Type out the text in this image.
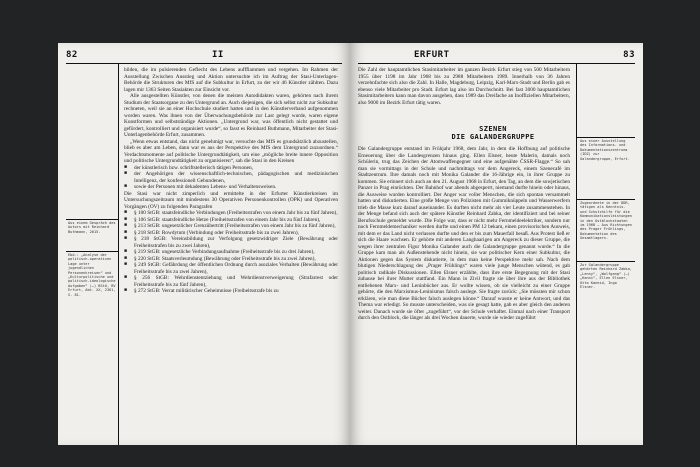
82	II
Aus einem Gespräch des Autors mit Reinhard Buthmann, 2015.
Ebd.: „Analyse der politisch-operativen Lage unter jugendlichen Personenkreisen“ und „Kulturpolitische und politisch-ideologische Aufgaben“ (…) BStU, BV Erfurt, Abt. XX, 2361, S. 81.

bilden, die im pulsierenden Geflecht des Lebens auffflammen und vergehen. Im Rahmen der Ausstellung Zwischen Ausstieg und Aktion untersuchte ich im Auftrag der Stasi-Unterlagen-Behörde die Strukturen des MfS auf die Subkultur in Erfurt, zu der wir 46 Künstler zählten. Dazu lagen mir 1363 Seiten Stasiakten zur Einsicht vor.

Alle ausgestellten Künstler, von denen die meisten Autodidakten waren, gehörten nach ihrem Studium der Staatsorgane zu den Untergrund an. Auch diejenigen, die sich selbst nicht zur Subkultur rechneten, weil sie an einer Hochschule studiert hatten und in den Künstlerverband aufgenommen worden waren. Was ihnen von der Überwachungsbehörde zur Last gelegt wurde, waren eigene Kunstformen und selbstständige Aktionen. „Untergrund war, was öffentlich nicht gestattet und gefördert, kontrolliert und organisiert wurde“, so fasst es Reinhard Buthmann, Mitarbeiter der Stasi-Unterlagenbehörde Erfurt, zusammen.

„Wenn etwas entstand, das nicht genehmigt war, versuchte das MfS es grundsätzlich abzustellen, blieb es aber am Leben, dann war es aus der Perspektive des MfS dem Untergrund zuzuordnen.“ Verdachtsmomente auf politische Untergrundtätigkeit, um eine „mögliche breite innere Opposition und politische Untergrundtätigkeit zu organisieren“, sah die Stasi in den Kreisen

■ der künstlerisch bzw. schriftstellerisch tätigen Personen,
■ der Angehörigen der wissenschaftlich-technischen, pädagogischen und medizinischen Intelligenz, der konfessionell Gebundenen,
■ sowie der Personen mit dekadenten Lebens- und Verhaltensweisen.

Die Stasi war nicht zimperlich und ermittelte in der Erfurter Künstlerkreisen im Untersuchungszeitraum mit mindestens 30 Operativen Personenkontrollen (OPK) und Operativen Vorgängen (OV) zu folgenden Paragrafen

■ § 100 StGB: staatsfeindliche Verbindungen (Freiheitsstrafen von einem Jahr bis zu fünf Jahren),
■ § 106 StGB: staatsfeindliche Hetze (Freiheitsstrafen von einem Jahr bis zu fünf Jahren),
■ § 213 StGB: ungesetzlicher Grenzübertritt (Freiheitsstrafen von einem Jahr bis zu fünf Jahren),
■ § 218 StGB: Rowdytum (Verbindung oder Freiheitsstrafe bis zu zwei Jahren),
■ § 218 StGB: Vereinsbildung zur Verfolgung gesetzwidriger Ziele (Bewährung oder Freiheitsstrafen bis zu zwei Jahren),
■ § 219 StGB: ungesetzliche Verbindungsaufnahme (Freiheitsstrafe bis zu drei Jahren),
■ § 220 StGB: Staatsverleumdung (Bewährung oder Freiheitsstrafe bis zu zwei Jahren),
■ § 249 StGB: Gefährdung der öffentlichen Ordnung durch asoziales Verhalten (Bewährung oder Freiheitsstrafe bis zu zwei Jahren),
■ § 256 StGB: Wehrdienstentziehung und Wehrdienstverweigerung (Strafarrest oder Freiheitsstrafe bis zu fünf Jahren),
■ § 272 StGB: Verrat militärischer Geheimnisse (Freiheitsstrafe bis zu
ERFURT	83
Aus einer Ausstellung des Informations- und Dokumentationszentrums (IDZ) zur Galandergruppe, Erfurt.
Zugeordnete in der DDR, tätigen als Kenntnis- und Schutzhilfe für die Kommunikationsleistungen in den Ostblockstaaten im 1968 – Aus Richtungen des Prager Frühlings, Dokumentation des Gesamtlagers.
Zur Galandergruppe gehörten Reinhard Zabka, „Lenny“, „Wolfgang“ (…) „Hanni“, Ellen Elsner, Otto Kaneid, Ingo Elsner.

Die Zahl der hauptamtlichen Stasimitarbeiter im ganzen Bezirk Erfurt stieg von 500 Mitarbeitern 1955 über 1198 im Jahr 1968 bis zu 2988 Mitarbeitern 1989. Innerhalb von 36 Jahren verzehnfachte sich also die Zahl. In Halle, Magdeburg, Leipzig, Karl-Marx-Stadt und Berlin gab es ebenso viele Mitarbeiter pro Stadt. Erfurt lag also im Durchschnitt. Bei fast 3000 hauptamtlichen Stasimitarbeitern kann man davon ausgehen, dass 1989 das Dreifache an Inoffiziellen Mitarbeitern, also 9000 im Bezirk Erfurt tätig waren.

SZENEN
DIE GALANDERGRUPPE

Die Galandergruppe entstand im Frühjahr 1968, dem Jahr, in dem die Hoffnung auf politische Erneuerung über die Landesgrenzen hinaus ging. Ellen Elsner, heute Malerin, damals noch Schülerin, trug das Zeichen der Atomwaffengegner und eine aufgenähte ČSSR-Flagge.“ So sah man sie vormittags in der Schule und nachmittags vor dem Angereck, einem Szenecafé im Stadtzentrum. Ihre damals noch mit Monika Galander die 16-Jährige ein, in ihrer Gruppe zu kommen. Sie erinnert sich auch an den 21. August 1968 in Erfurt, den Tag, an dem die sowjetischen Panzer in Prag einrückten. Der Bahnhof war abends abgesperrt, niemand durfte hinein oder hinaus, die Ausweise wurden kontrolliert. Der Anger war voller Menschen, die sich spontan versammelt hatten und diskutierten. Eine große Menge von Polizisten mit Gummiknüppeln und Wasserwerfern trieb die Masse kurz darauf auseinander. Es durften nicht mehr als vier Leute zusammenstehen. In der Menge befand sich auch der spätere Künstler Reinhard Zabka, der identifiziert und bei seiner Berufsschule gemeldet wurde. Die Folge war, dass er nicht mehr Fernmeldeelektriker, sondern nur noch Fernmeldemechaniker werden durfte und einen PM 12 bekam, einen provisorischen Ausweis, mit dem er das Land nicht verlassen durfte und den er bis zum Mauerfall besaß. Aus Protest ließ er sich die Haare wachsen. Er gehörte mit anderen Langhaarigen am Angereck zu dieser Gruppe, die wegen ihrer zentralen Figur Monika Galander auch die Galandergruppe genannt wurde.“ In die Gruppe kam man als Außenstehende nicht hinein, sie war politischer Kern einer Subkultur, die Aktionen gegen das System diskutierte, in dem man keine Perspektive mehr sah. Nach dem blutigen Niederschlagung des „Prager Frühlings“ waren viele junge Menschen wütend, es gab politisch radikale Diskussionen. Ellen Elsner erzählte, dass ihre erste Begegnung mit der Stasi zuhause bei ihrer Mutter stattfand. Ein Mann in Zivil fragte sie über ihre aus der Bibliothek entliehenen Marx- und Leninbücher aus. Er wollte wissen, ob sie vielleicht zu einer Gruppe gehörte, die den Marxismus-Leninismus falsch auslege. Sie fragte zurück: „Sie müssten mir schon erklären, wie man diese Bücher falsch auslegen könne.“ Darauf wusste er keine Antwort, und das Thema war erledigt. So musste unterscheiden, was sie gesagt hatte, gab es aber gleich den anderen weiter. Danach wurde sie öfter „zugeführt“, vor der Schule verhaftet. Einmal nach einer Transport durch den Ostblock, die länger als drei Wochen dauerte, wurde sie wieder zugeführt
